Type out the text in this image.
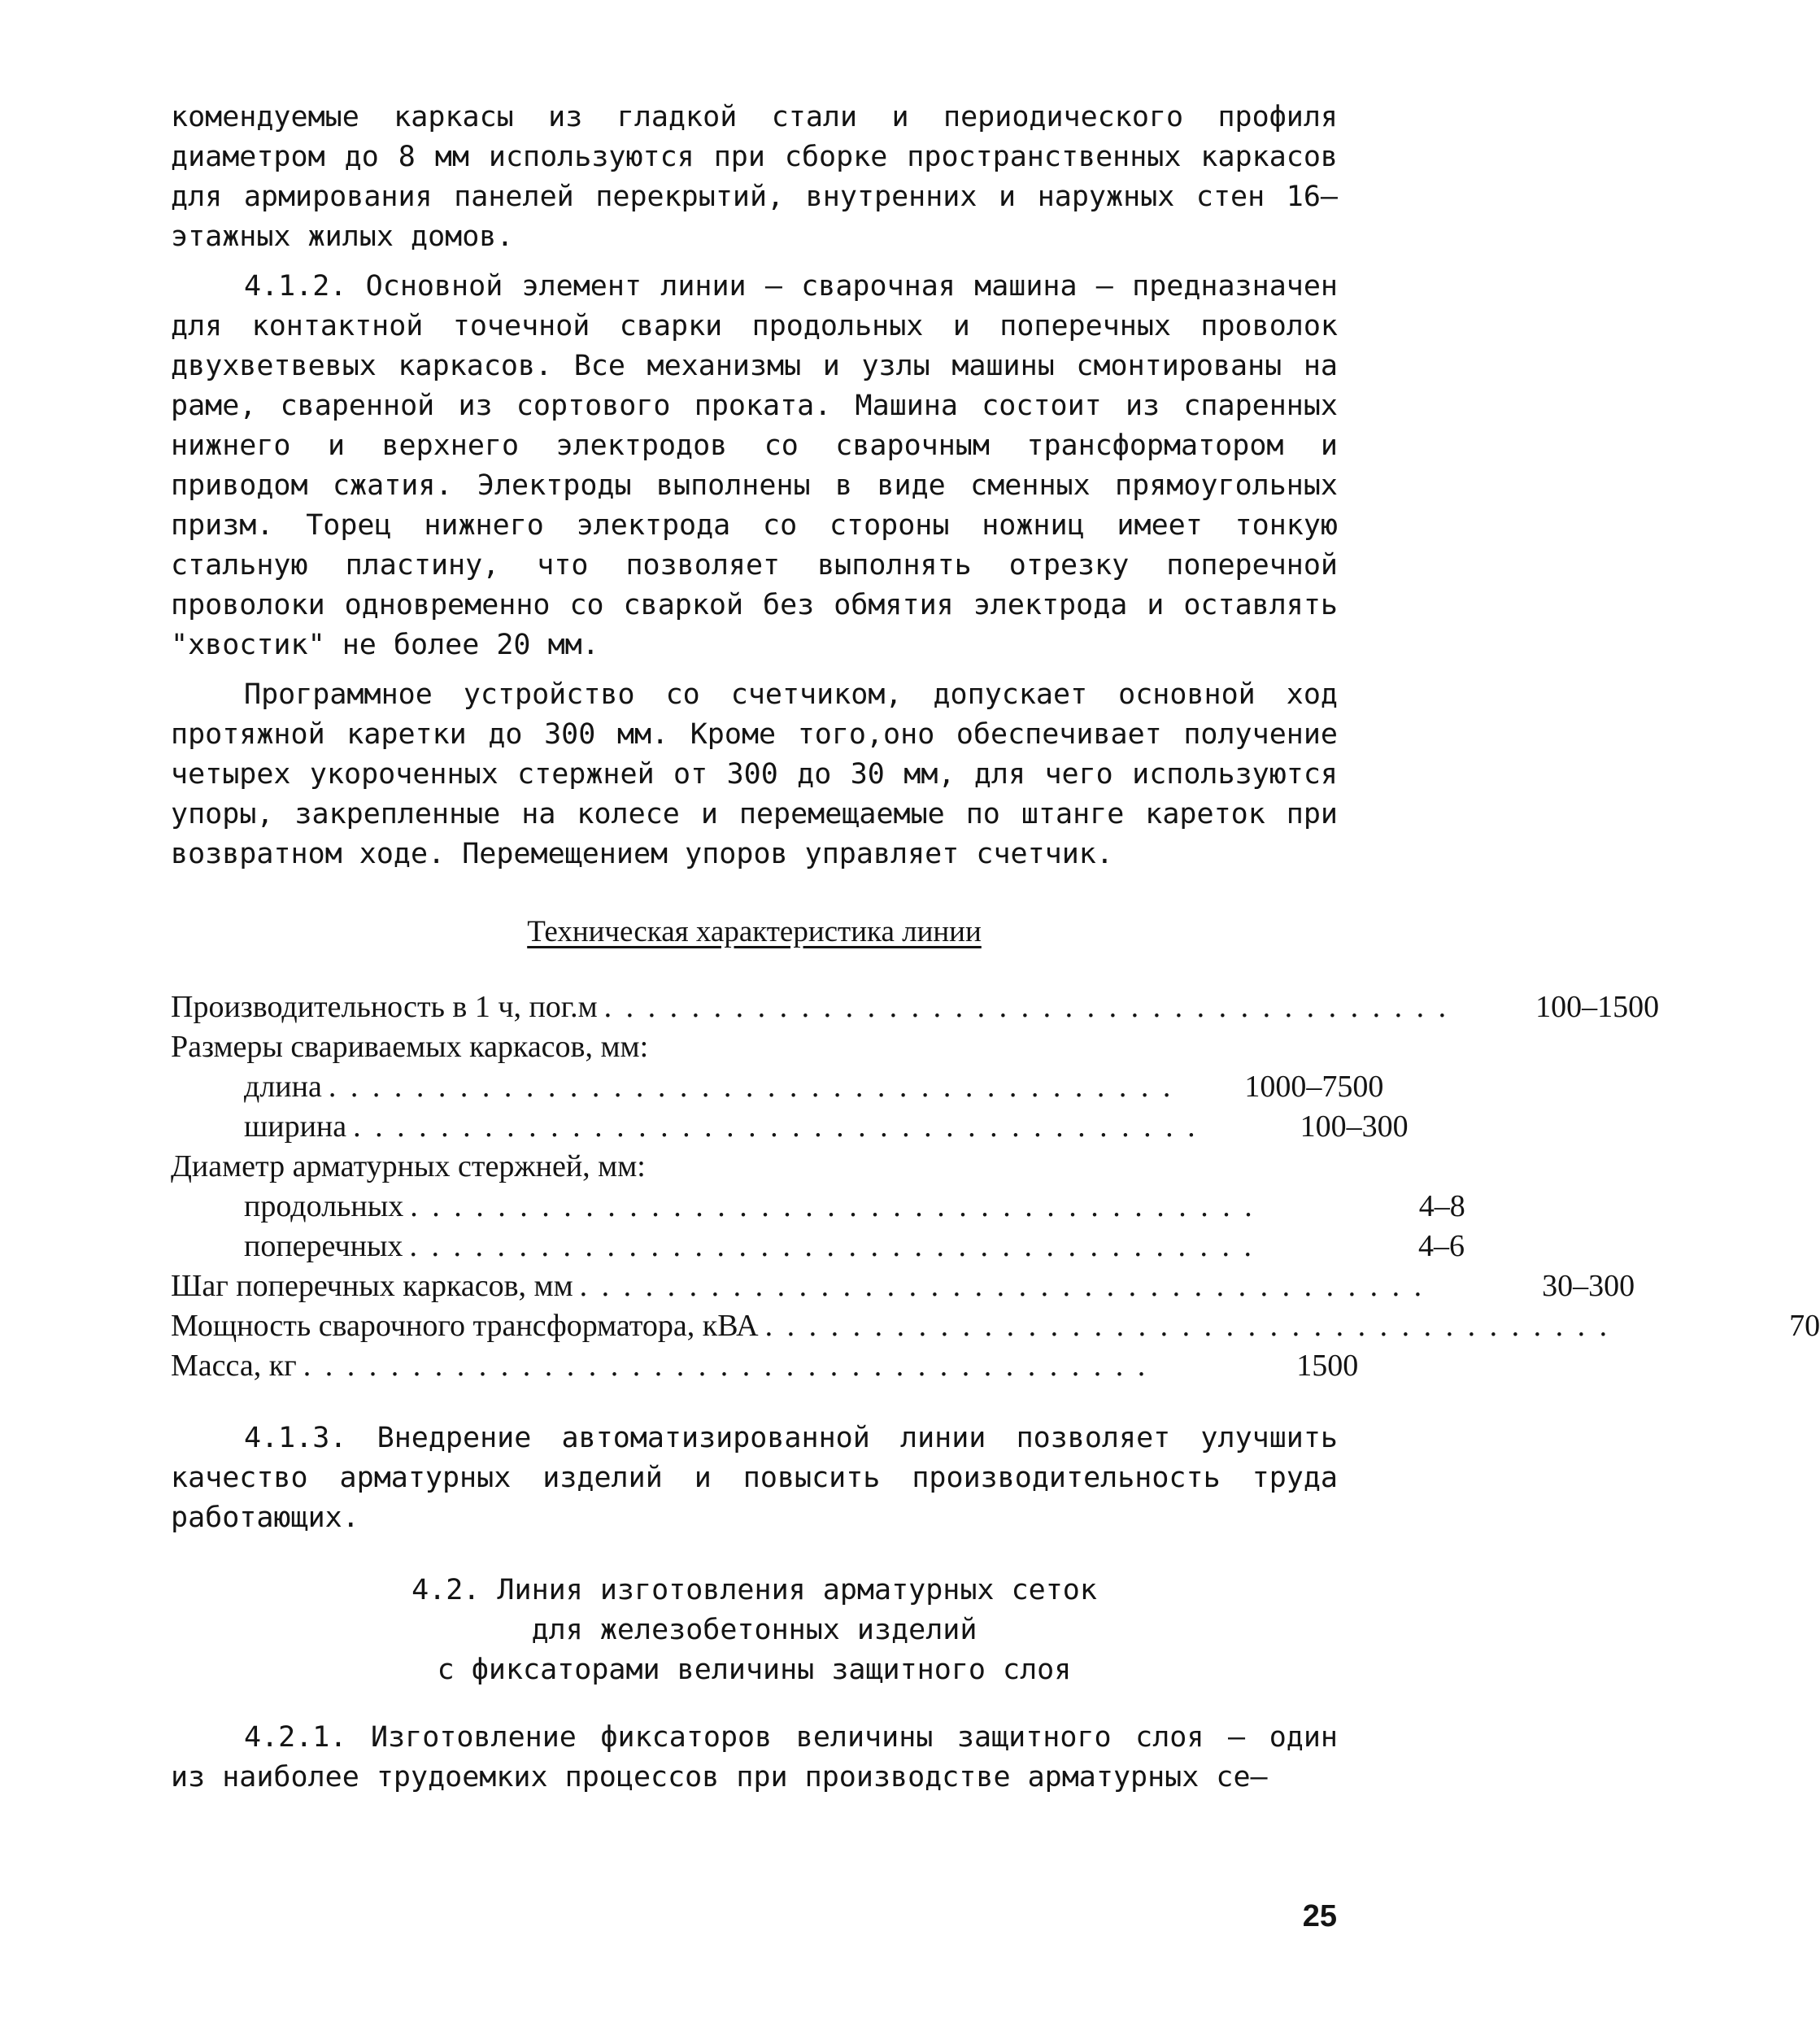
комендуемые каркасы из гладкой стали и периодического профиля диаметром до 8 мм используются при сборке пространственных каркасов для армирования панелей перекрытий, внутренних и наружных стен 16–этажных жилых домов.

4.1.2. Основной элемент линии – сварочная машина – предназначен для контактной точечной сварки продольных и поперечных проволок двухветвевых каркасов. Все механизмы и узлы машины смонтированы на раме, сваренной из сортового проката. Машина состоит из спаренных нижнего и верхнего электродов со сварочным трансформатором и приводом сжатия. Электроды выполнены в виде сменных прямоугольных призм. Торец нижнего электрода со стороны ножниц имеет тонкую стальную пластину, что позволяет выполнять отрезку поперечной проволоки одновременно со сваркой без обмятия электрода и оставлять "хвостик" не более 20 мм.

Программное устройство со счетчиком, допускает основной ход протяжной каретки до 300 мм. Кроме того,оно обеспечивает получение четырех укороченных стержней от 300 до 30 мм, для чего используются упоры, закрепленные на колесе и перемещаемые по штанге кареток при возвратном ходе. Перемещением упоров управляет счетчик.

Техническая характеристика линии

Производительность в 1 ч, пог.м . . . . . . . . . . . . . . . . . . . . . . . . . . . . . . . . . . . . . . .	100–1500
Размеры свариваемых каркасов, мм:
длина . . . . . . . . . . . . . . . . . . . . . . . . . . . . . . . . . . . . . . .	1000–7500
ширина . . . . . . . . . . . . . . . . . . . . . . . . . . . . . . . . . . . . . . .	100–300
Диаметр арматурных стержней, мм:
продольных . . . . . . . . . . . . . . . . . . . . . . . . . . . . . . . . . . . . . . .	4–8
поперечных . . . . . . . . . . . . . . . . . . . . . . . . . . . . . . . . . . . . . . .	4–6
Шаг поперечных каркасов, мм . . . . . . . . . . . . . . . . . . . . . . . . . . . . . . . . . . . . . . .	30–300
Мощность сварочного трансформатора, кВА . . . . . . . . . . . . . . . . . . . . . . . . . . . . . . . . . . . . . . .	70
Масса, кг . . . . . . . . . . . . . . . . . . . . . . . . . . . . . . . . . . . . . . .	1500

4.1.3. Внедрение автоматизированной линии позволяет улучшить качество арматурных изделий и повысить производительность труда работающих.

4.2. Линия изготовления арматурных сеток

для железобетонных изделий

с фиксаторами величины защитного слоя

4.2.1. Изготовление фиксаторов величины защитного слоя – один из наиболее трудоемких процессов при производстве арматурных се–

25
